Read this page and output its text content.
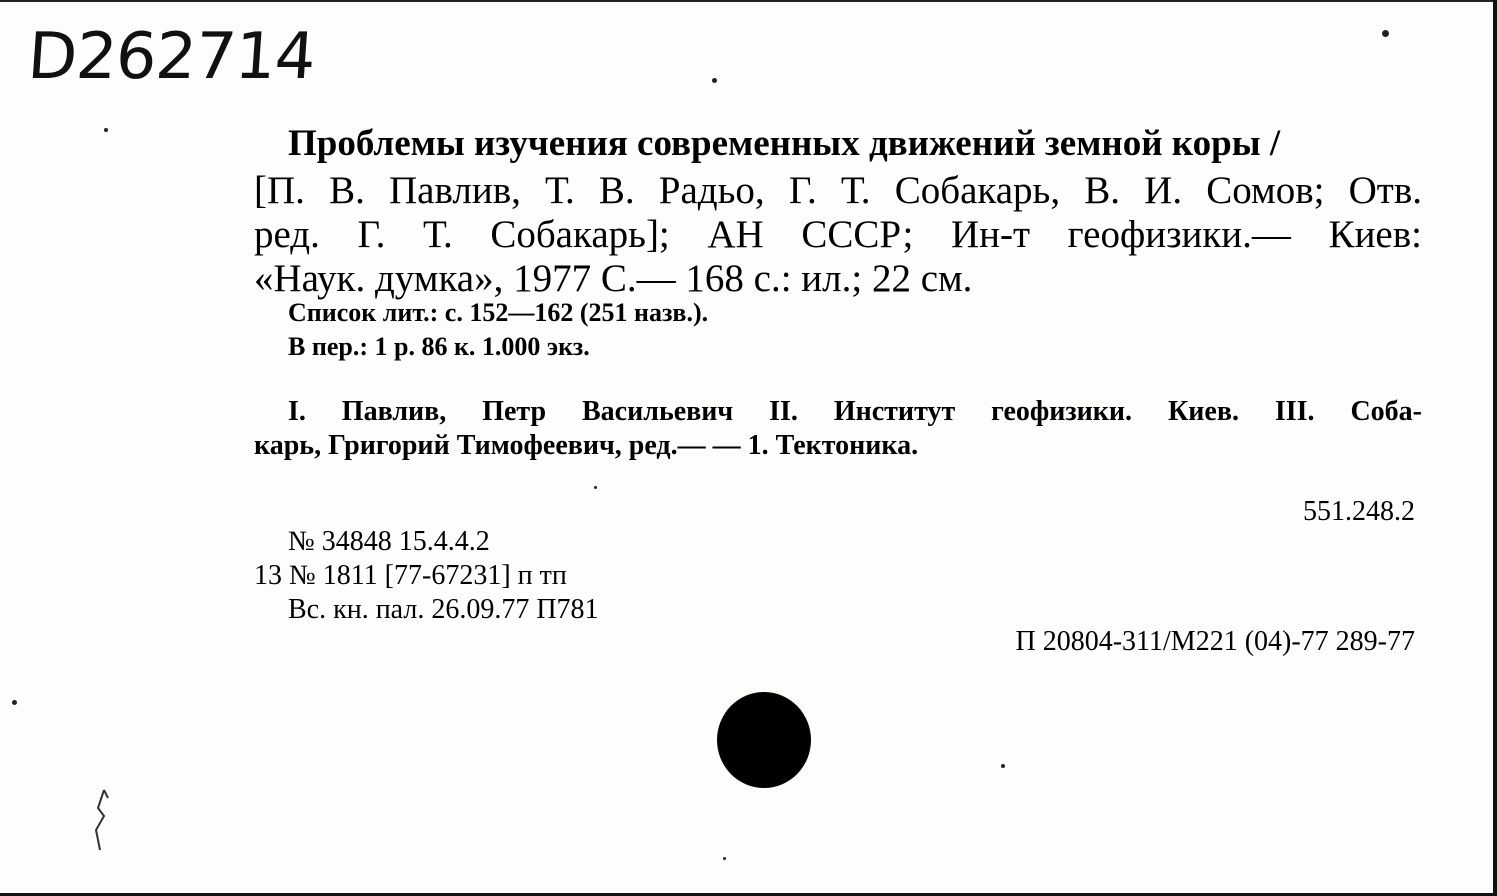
D262714
Проблемы изучения современных движений земной коры /
[П. В. Павлив, Т. В. Радьо, Г. Т. Собакарь, В. И. Сомов; Отв.
ред. Г. Т. Собакарь]; АН СССР; Ин-т геофизики.— Киев:
«Наук. думка», 1977 С.— 168 с.: ил.; 22 см.
Список лит.: с. 152—162 (251 назв.).
В пер.: 1 р. 86 к. 1.000 экз.
I. Павлив, Петр Васильевич II. Институт геофизики. Киев. III. Соба-
карь, Григорий Тимофеевич, ред.— — 1. Тектоника.
551.248.2
№ 34848 15.4.4.2
13 № 1811 [77-67231] п тп
Вс. кн. пал. 26.09.77 П781
П 20804-311/M221 (04)-77 289-77
